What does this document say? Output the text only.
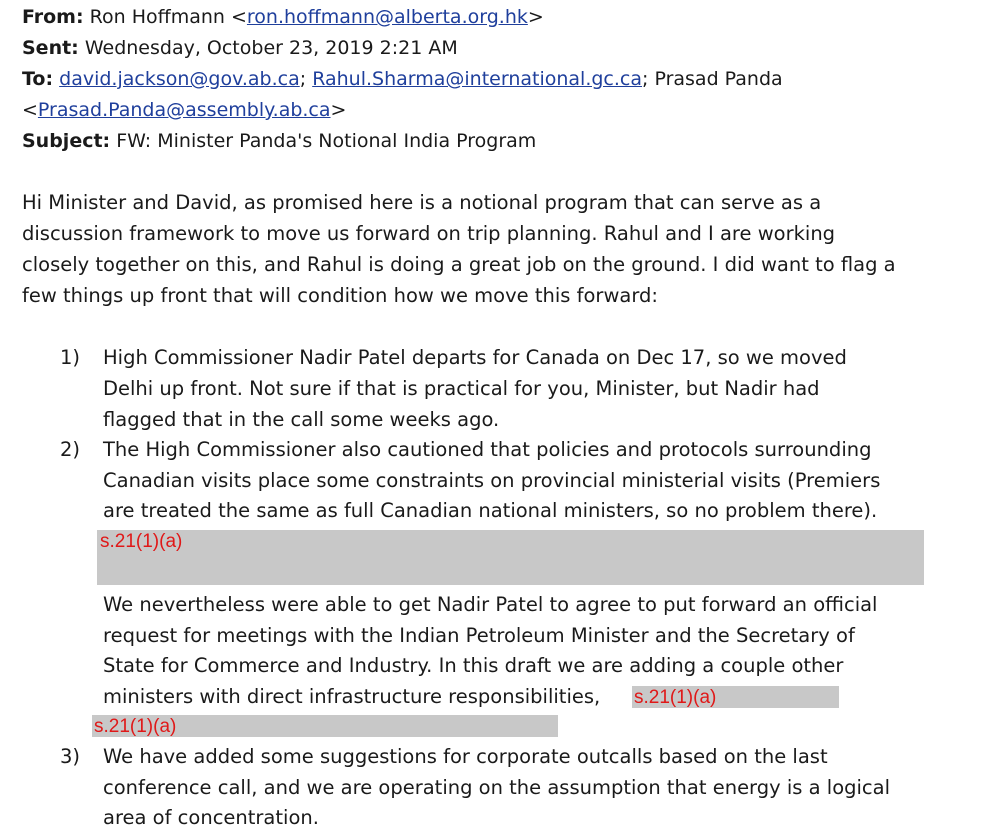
From: Ron Hoffmann <ron.hoffmann@alberta.org.hk>
Sent: Wednesday, October 23, 2019 2:21 AM
To: david.jackson@gov.ab.ca; Rahul.Sharma@international.gc.ca; Prasad Panda
<Prasad.Panda@assembly.ab.ca>
Subject: FW: Minister Panda's Notional India Program
Hi Minister and David, as promised here is a notional program that can serve as a
discussion framework to move us forward on trip planning. Rahul and I are working
closely together on this, and Rahul is doing a great job on the ground. I did want to flag a
few things up front that will condition how we move this forward:
1) High Commissioner Nadir Patel departs for Canada on Dec 17, so we moved
Delhi up front. Not sure if that is practical for you, Minister, but Nadir had
flagged that in the call some weeks ago.
2) The High Commissioner also cautioned that policies and protocols surrounding
Canadian visits place some constraints on provincial ministerial visits (Premiers
are treated the same as full Canadian national ministers, so no problem there).
s.21(1)(a)
We nevertheless were able to get Nadir Patel to agree to put forward an official
request for meetings with the Indian Petroleum Minister and the Secretary of
State for Commerce and Industry. In this draft we are adding a couple other
ministers with direct infrastructure responsibilities, s.21(1)(a)
s.21(1)(a)
3) We have added some suggestions for corporate outcalls based on the last
conference call, and we are operating on the assumption that energy is a logical
area of concentration.
